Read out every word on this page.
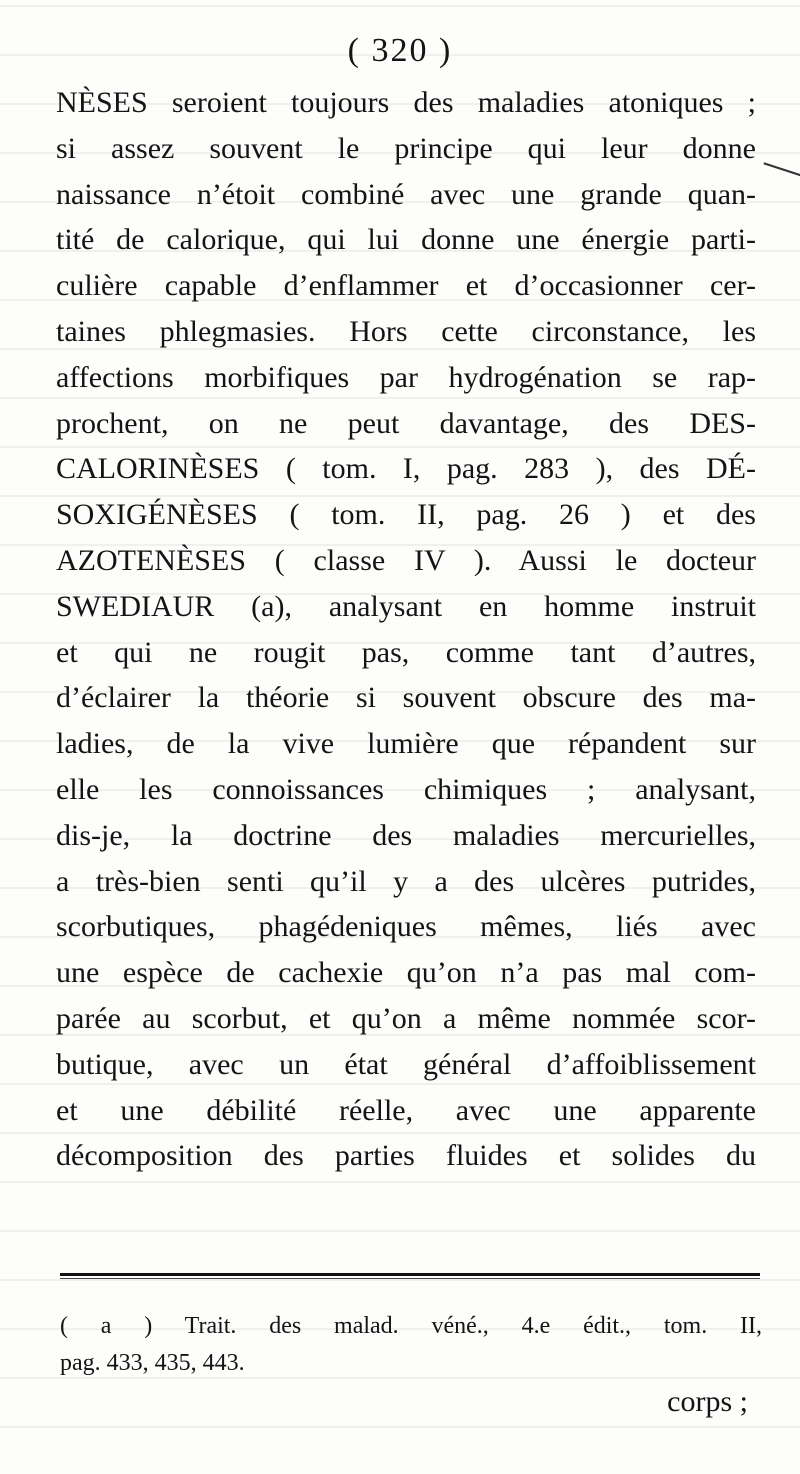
( 320 )
NÈSES seroient toujours des maladies atoniques ;
si assez souvent le principe qui leur donne
naissance n’étoit combiné avec une grande quan-
tité de calorique, qui lui donne une énergie parti-
culière capable d’enflammer et d’occasionner cer-
taines phlegmasies. Hors cette circonstance, les
affections morbifiques par hydrogénation se rap-
prochent, on ne peut davantage, des DES-
CALORINÈSES ( tom. I, pag. 283 ), des DÉ-
SOXIGÉNÈSES ( tom. II, pag. 26 ) et des
AZOTENÈSES ( classe IV ). Aussi le docteur
SWEDIAUR (a), analysant en homme instruit
et qui ne rougit pas, comme tant d’autres,
d’éclairer la théorie si souvent obscure des ma-
ladies, de la vive lumière que répandent sur
elle les connoissances chimiques ; analysant,
dis-je, la doctrine des maladies mercurielles,
a très-bien senti qu’il y a des ulcères putrides,
scorbutiques, phagédeniques mêmes, liés avec
une espèce de cachexie qu’on n’a pas mal com-
parée au scorbut, et qu’on a même nommée scor-
butique, avec un état général d’affoiblissement
et une débilité réelle, avec une apparente
décomposition des parties fluides et solides du
( a ) Trait. des malad. véné., 4.e édit., tom. II,
pag. 433, 435, 443.
corps ;
